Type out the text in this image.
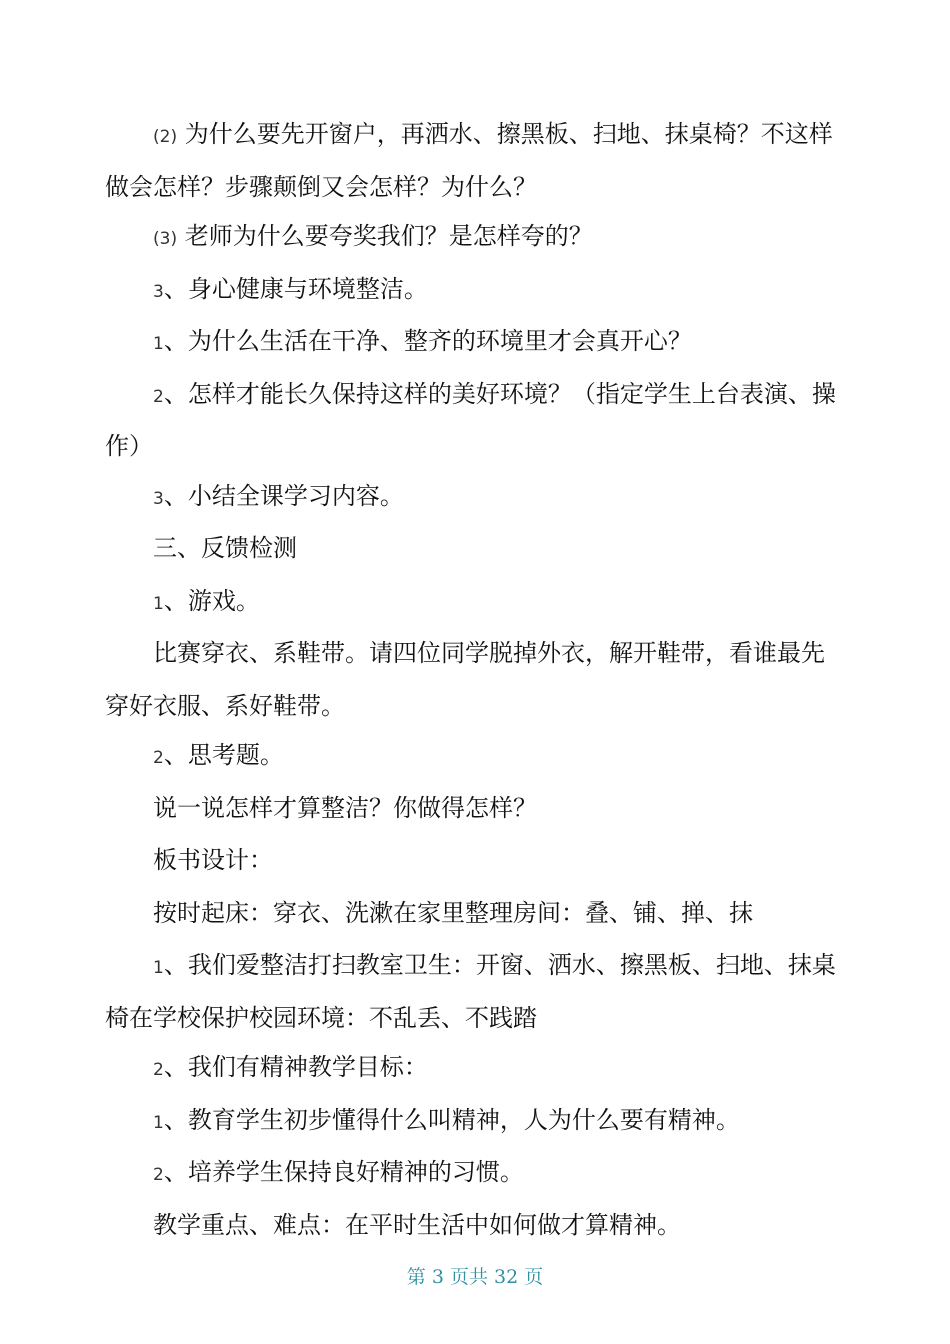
(2) 为什么要先开窗户，再洒水、擦黑板、扫地、抹桌椅？不这样做会怎样？步骤颠倒又会怎样？为什么？

(3) 老师为什么要夸奖我们？是怎样夸的？

3、身心健康与环境整洁。

1、为什么生活在干净、整齐的环境里才会真开心？

2、怎样才能长久保持这样的美好环境？（指定学生上台表演、操作）

3、小结全课学习内容。

三、反馈检测

1、游戏。

比赛穿衣、系鞋带。请四位同学脱掉外衣，解开鞋带，看谁最先穿好衣服、系好鞋带。

2、思考题。

说一说怎样才算整洁？你做得怎样？

板书设计：

按时起床：穿衣、洗漱在家里整理房间：叠、铺、掸、抹

1、我们爱整洁打扫教室卫生：开窗、洒水、擦黑板、扫地、抹桌椅在学校保护校园环境：不乱丢、不践踏

2、我们有精神教学目标：

1、教育学生初步懂得什么叫精神，人为什么要有精神。

2、培养学生保持良好精神的习惯。

教学重点、难点：在平时生活中如何做才算精神。

第 3 页共 32 页
